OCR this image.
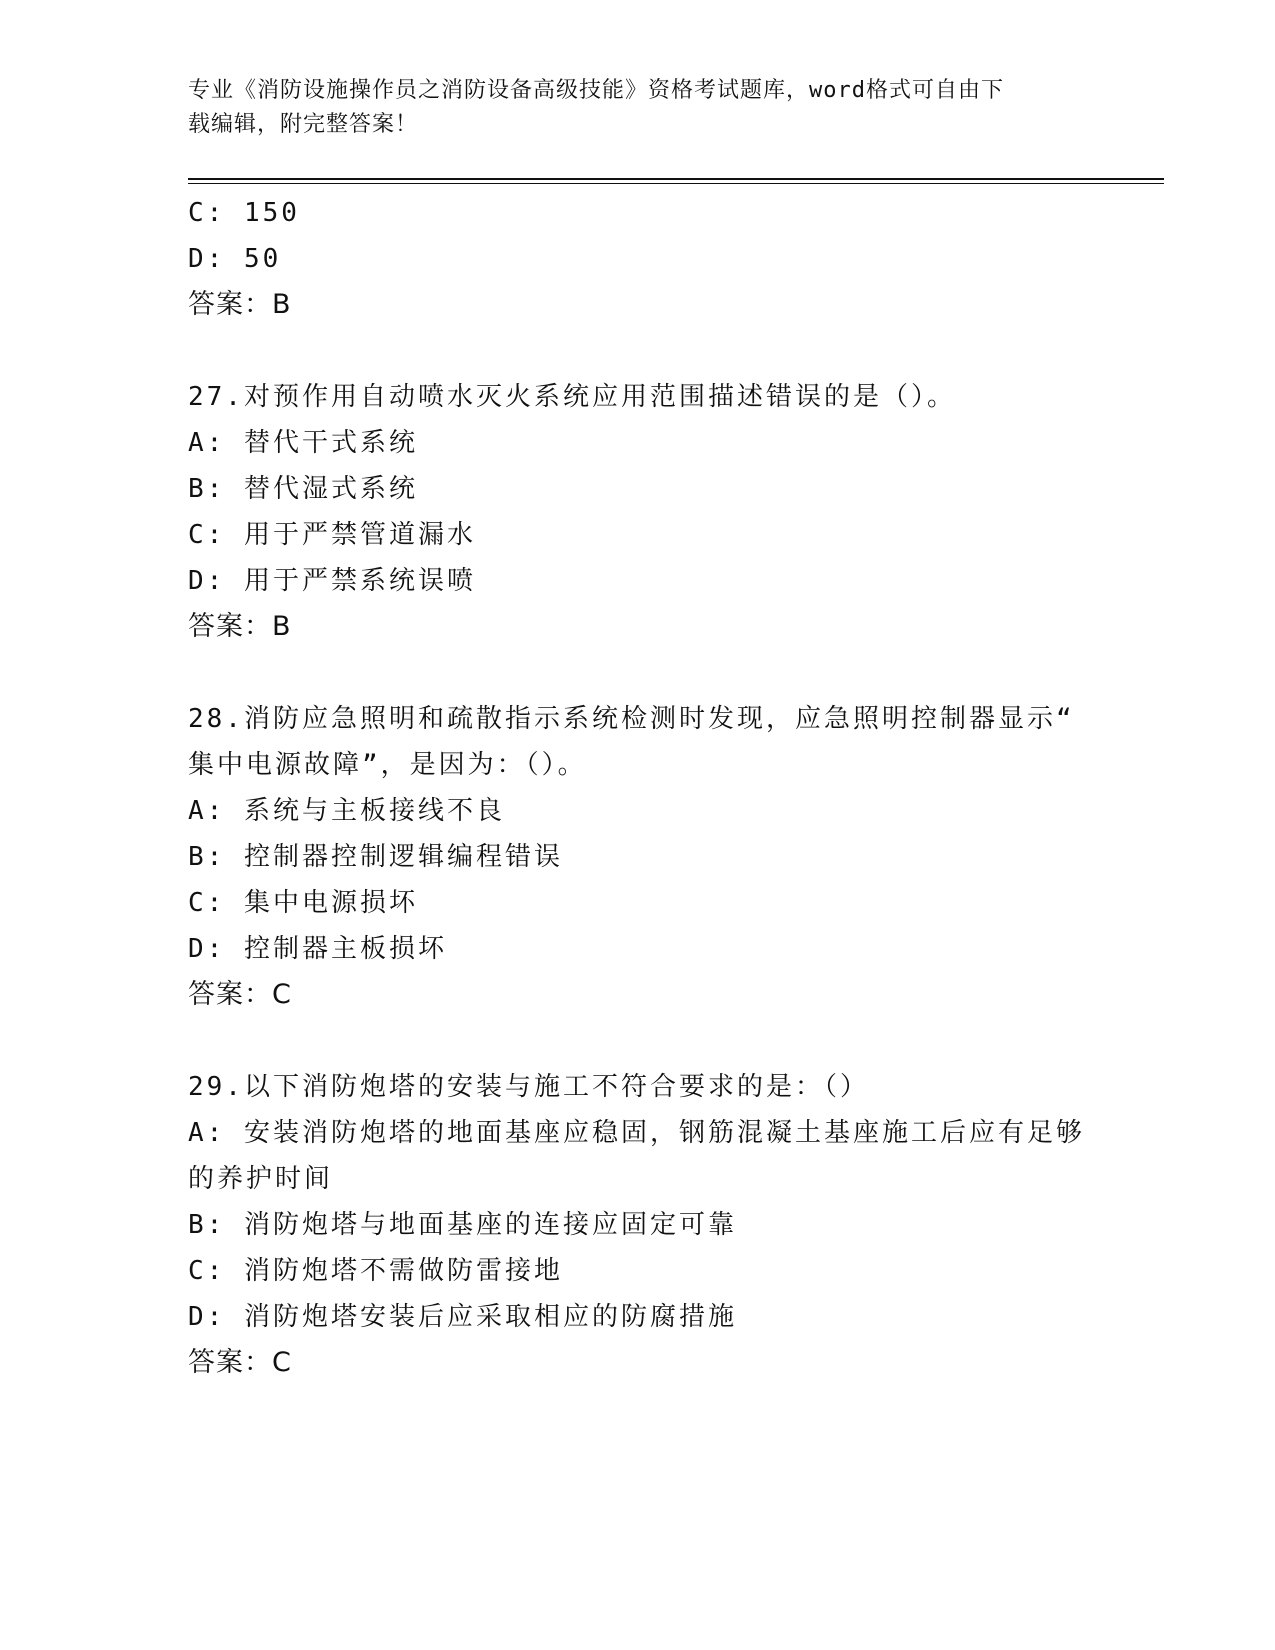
专业《消防设施操作员之消防设备高级技能》资格考试题库，word格式可自由下
载编辑，附完整答案！
C: 150
D: 50
答案：B
27.对预作用自动喷水灭火系统应用范围描述错误的是（）。
A: 替代干式系统
B: 替代湿式系统
C: 用于严禁管道漏水
D: 用于严禁系统误喷
答案：B
28.消防应急照明和疏散指示系统检测时发现，应急照明控制器显示“
集中电源故障”，是因为：（）。
A: 系统与主板接线不良
B: 控制器控制逻辑编程错误
C: 集中电源损坏
D: 控制器主板损坏
答案：C
29.以下消防炮塔的安装与施工不符合要求的是：（）
A: 安装消防炮塔的地面基座应稳固，钢筋混凝土基座施工后应有足够
的养护时间
B: 消防炮塔与地面基座的连接应固定可靠
C: 消防炮塔不需做防雷接地
D: 消防炮塔安装后应采取相应的防腐措施
答案：C
